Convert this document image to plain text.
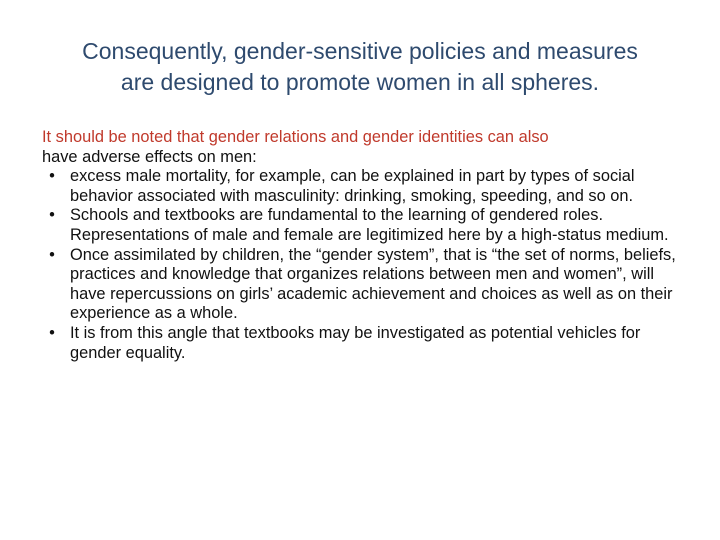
Consequently, gender-sensitive policies and measures
are designed to promote women in all spheres.

It should be noted that gender relations and gender identities can also
have adverse effects on men:

• excess male mortality, for example, can be explained in part by types of social behavior associated with masculinity: drinking, smoking, speeding, and so on.
• Schools and textbooks are fundamental to the learning of gendered roles. Representations of male and female are legitimized here by a high-status medium.
• Once assimilated by children, the “gender system”, that is “the set of norms, beliefs, practices and knowledge that organizes relations between men and women”, will have repercussions on girls’ academic achievement and choices as well as on their experience as a whole.
• It is from this angle that textbooks may be investigated as potential vehicles for gender equality.
